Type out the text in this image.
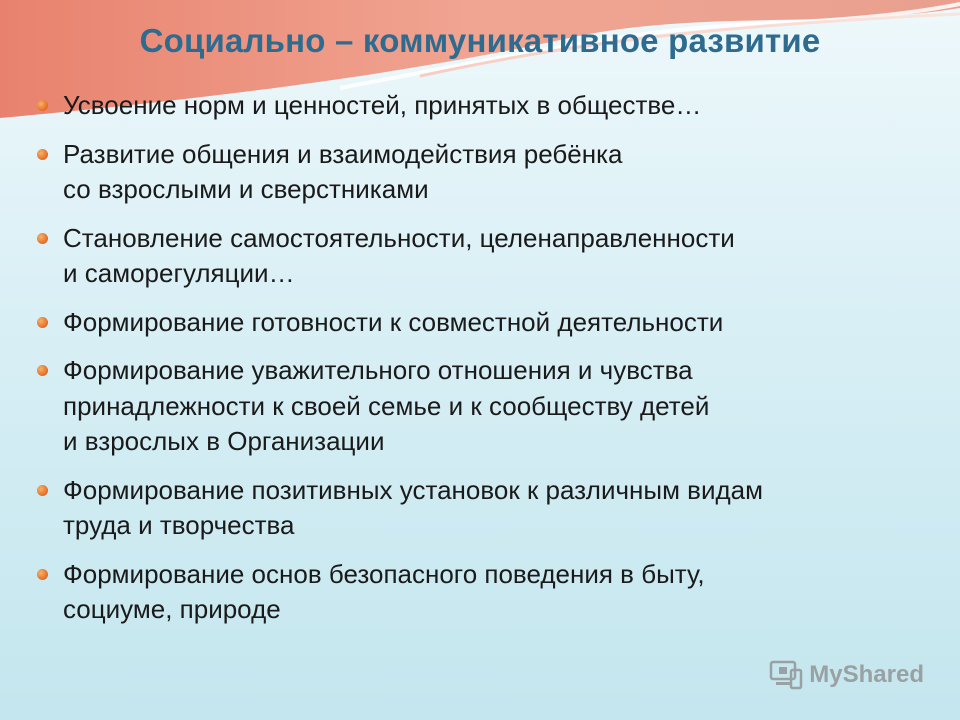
Социально – коммуникативное развитие
Усвоение норм и ценностей, принятых в обществе…
Развитие общения и взаимодействия ребёнка
со взрослыми и сверстниками
Становление самостоятельности, целенаправленности
и саморегуляции…
Формирование готовности к совместной деятельности
Формирование уважительного отношения и чувства
принадлежности к своей семье и к сообществу детей
и взрослых в Организации
Формирование позитивных установок к различным видам
труда и творчества
Формирование основ безопасного поведения в быту,
социуме, природе
MyShared
